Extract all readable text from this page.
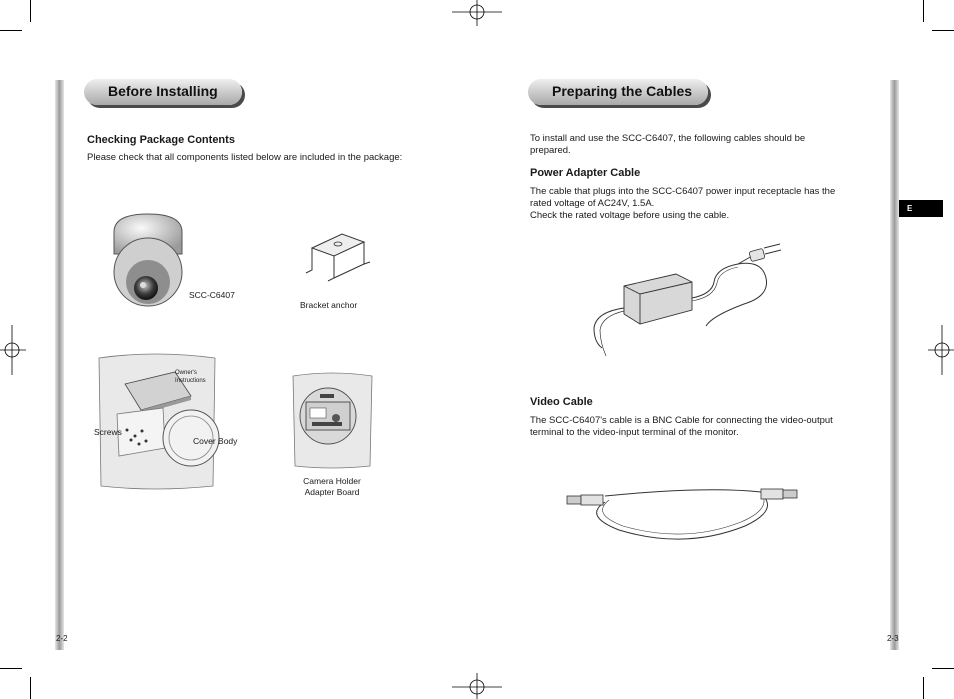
Before Installing
Checking Package Contents
Please check that all components listed below are included in the package:
SCC-C6407
Bracket anchor
Owner's Instructions
Screws
Cover Body
Camera Holder
Adapter Board
2-2
Preparing the Cables
To install and use the SCC-C6407, the following cables should be
prepared.
Power Adapter Cable
The cable that plugs into the SCC-C6407 power input receptacle has the
rated voltage of AC24V, 1.5A.
Check the rated voltage before using the cable.
Video Cable
The SCC-C6407's cable is a BNC Cable for connecting the video-output
terminal to the video-input terminal of the monitor.
E
2-3
